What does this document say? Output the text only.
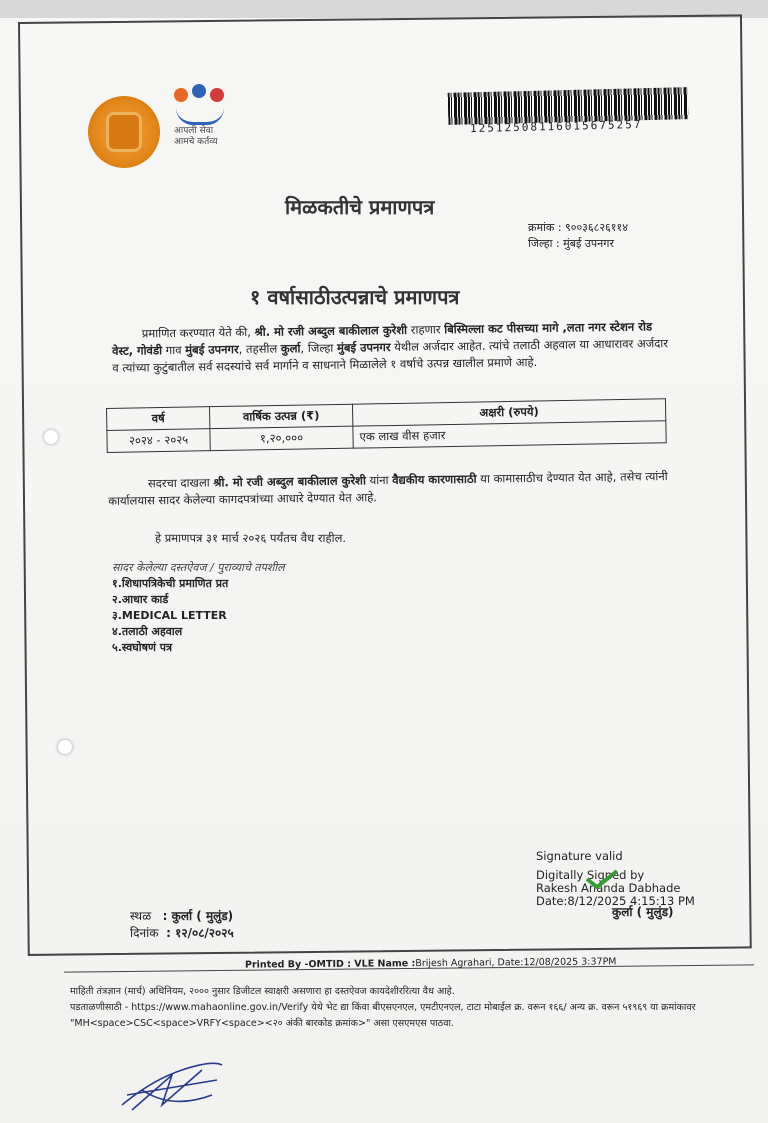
आपली सेवा
आमचे कर्तव्य
12512508116015675257
मिळकतीचे प्रमाणपत्र
क्रमांक : ९००३६८२६११४
जिल्हा : मुंबई उपनगर
१ वर्षासाठीउत्पन्नाचे प्रमाणपत्र
प्रमाणित करण्यात येते की, श्री. मो रजी अब्दुल बाकीलाल कुरेशी राहणार बिस्मिल्ला कट पीसच्या मागे ,लता नगर स्टेशन रोड वेस्ट, गोवंडी गाव मुंबई उपनगर, तहसील कुर्ला, जिल्हा मुंबई उपनगर येथील अर्जदार आहेत. त्यांचे तलाठी अहवाल या आधारावर अर्जदार व त्यांच्या कुटुंबातील सर्व सदस्यांचे सर्व मार्गाने व साधनाने मिळालेले १ वर्षाचे उत्पन्न खालील प्रमाणे आहे.
वर्ष	वार्षिक उत्पन्न (₹)	अक्षरी (रुपये)
२०२४ - २०२५	१,२०,०००	एक लाख वीस हजार
सदरचा दाखला श्री. मो रजी अब्दुल बाकीलाल कुरेशी यांना वैद्यकीय कारणासाठी या कामासाठीच देण्यात येत आहे, तसेच त्यांनी कार्यालयास सादर केलेल्या कागदपत्रांच्या आधारे देण्यात येत आहे.
हे प्रमाणपत्र ३१ मार्च २०२६ पर्यंतच वैध राहील.
सादर केलेल्या दस्तऐवज / पुराव्याचे तपशील
१.शिधापत्रिकेची प्रमाणित प्रत
२.आधार कार्ड
३.MEDICAL LETTER
४.तलाठी अहवाल
५.स्वघोषणं पत्र
Signature valid
Digitally Signed by
Rakesh Ananda Dabhade
Date:8/12/2025 4:15:13 PM
कुर्ला ( मुलुंड)
स्थळ : कुर्ला ( मुलुंड)
दिनांक : १२/०८/२०२५
Printed By -OMTID : VLE Name :Brijesh Agrahari, Date:12/08/2025 3:37PM
माहिती तंत्रज्ञान (मार्च) अधिनियम, २००० नुसार डिजीटल स्वाक्षरी असणारा हा दस्तऐवज कायदेशीररित्या वैध आहे.
पडताळणीसाठी - https://www.mahaonline.gov.in/Verify येथे भेट द्या किंवा बीएसएनएल, एमटीएनएल, टाटा मोबाईल क्र. वरून १६६/ अन्य क्र. वरून ५१९६९ या क्रमांकावर
"MH<space>CSC<space>VRFY<space><२० अंकी बारकोड क्रमांक>" असा एसएमएस पाठवा.
